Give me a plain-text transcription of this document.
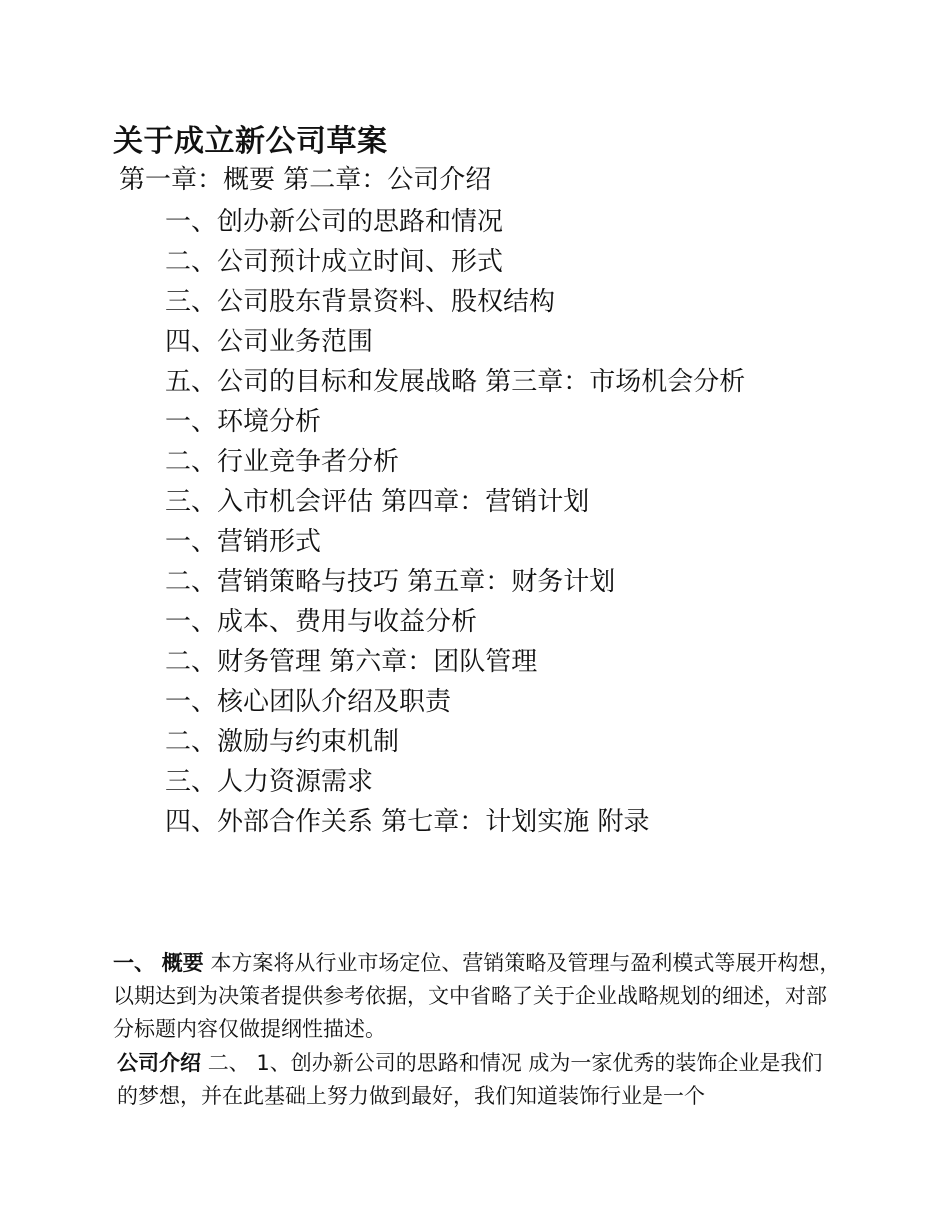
关于成立新公司草案
第一章：概要 第二章：公司介绍
一、创办新公司的思路和情况
二、公司预计成立时间、形式
三、公司股东背景资料、股权结构
四、公司业务范围
五、公司的目标和发展战略 第三章：市场机会分析
一、环境分析
二、行业竞争者分析
三、入市机会评估 第四章：营销计划
一、营销形式
二、营销策略与技巧 第五章：财务计划
一、成本、费用与收益分析
二、财务管理 第六章：团队管理
一、核心团队介绍及职责
二、激励与约束机制
三、人力资源需求
四、外部合作关系 第七章：计划实施 附录

一、 概要 本方案将从行业市场定位、营销策略及管理与盈利模式等展开构想，以期达到为决策者提供参考依据，文中省略了关于企业战略规划的细述，对部分标题内容仅做提纲性描述。

公司介绍 二、 1、创办新公司的思路和情况 成为一家优秀的装饰企业是我们的梦想，并在此基础上努力做到最好，我们知道装饰行业是一个
